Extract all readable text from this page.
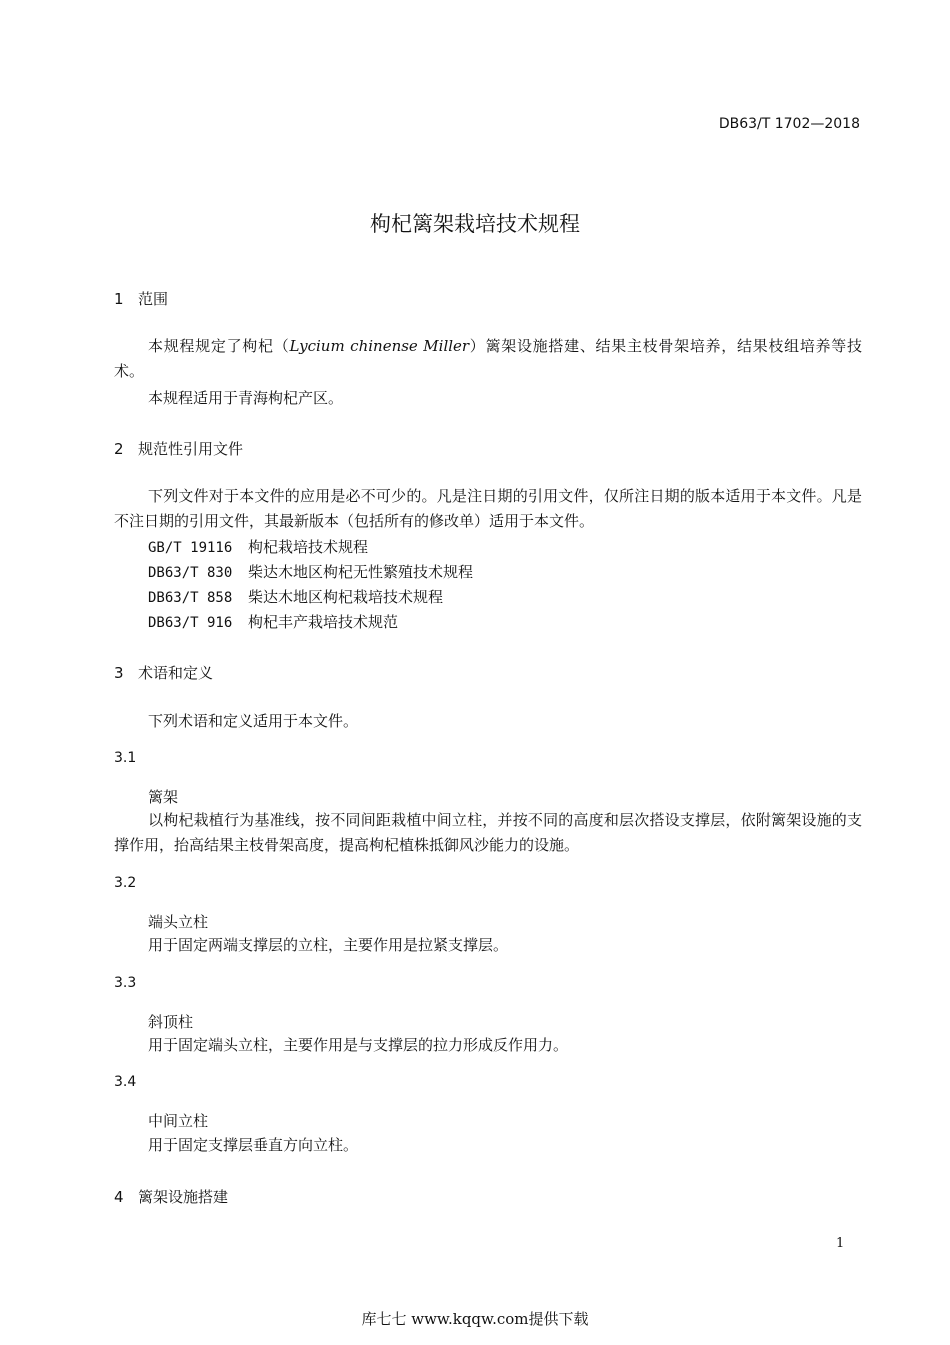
DB63/T 1702—2018
枸杞篱架栽培技术规程
1 范围
本规程规定了枸杞（Lycium chinense Miller）篱架设施搭建、结果主枝骨架培养，结果枝组培养等技术。
本规程适用于青海枸杞产区。
2 规范性引用文件
下列文件对于本文件的应用是必不可少的。凡是注日期的引用文件，仅所注日期的版本适用于本文件。凡是不注日期的引用文件，其最新版本（包括所有的修改单）适用于本文件。
GB/T 19116 枸杞栽培技术规程
DB63/T 830 柴达木地区枸杞无性繁殖技术规程
DB63/T 858 柴达木地区枸杞栽培技术规程
DB63/T 916 枸杞丰产栽培技术规范
3 术语和定义
下列术语和定义适用于本文件。
3.1
篱架
以枸杞栽植行为基准线，按不同间距栽植中间立柱，并按不同的高度和层次搭设支撑层，依附篱架设施的支撑作用，抬高结果主枝骨架高度，提高枸杞植株抵御风沙能力的设施。
3.2
端头立柱
用于固定两端支撑层的立柱，主要作用是拉紧支撑层。
3.3
斜顶柱
用于固定端头立柱，主要作用是与支撑层的拉力形成反作用力。
3.4
中间立柱
用于固定支撑层垂直方向立柱。
4 篱架设施搭建
1
库七七 www.kqqw.com提供下载
